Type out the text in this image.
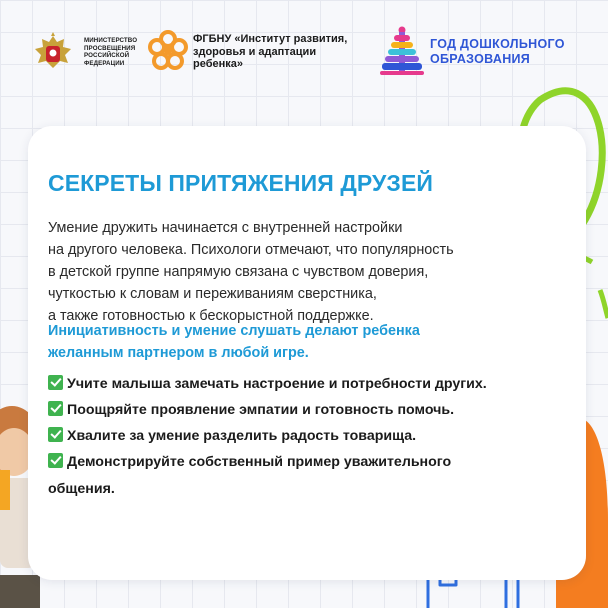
МИНИСТЕРСТВО
ПРОСВЕЩЕНИЯ
РОССИЙСКОЙ
ФЕДЕРАЦИИ
ФГБНУ «Институт развития,
здоровья и адаптации
ребенка»
ГОД ДОШКОЛЬНОГО
ОБРАЗОВАНИЯ
СЕКРЕТЫ ПРИТЯЖЕНИЯ ДРУЗЕЙ
Умение дружить начинается с внутренней настройки
на другого человека. Психологи отмечают, что популярность
в детской группе напрямую связана с чувством доверия,
чуткостью к словам и переживаниям сверстника,
а также готовностью к бескорыстной поддержке.
Инициативность и умение слушать делают ребенка желанным партнером в любой игре.
Учите малыша замечать настроение и потребности других.
Поощряйте проявление эмпатии и готовность помочь.
Хвалите за умение разделить радость товарища.
Демонстрируйте собственный пример уважительного общения.
